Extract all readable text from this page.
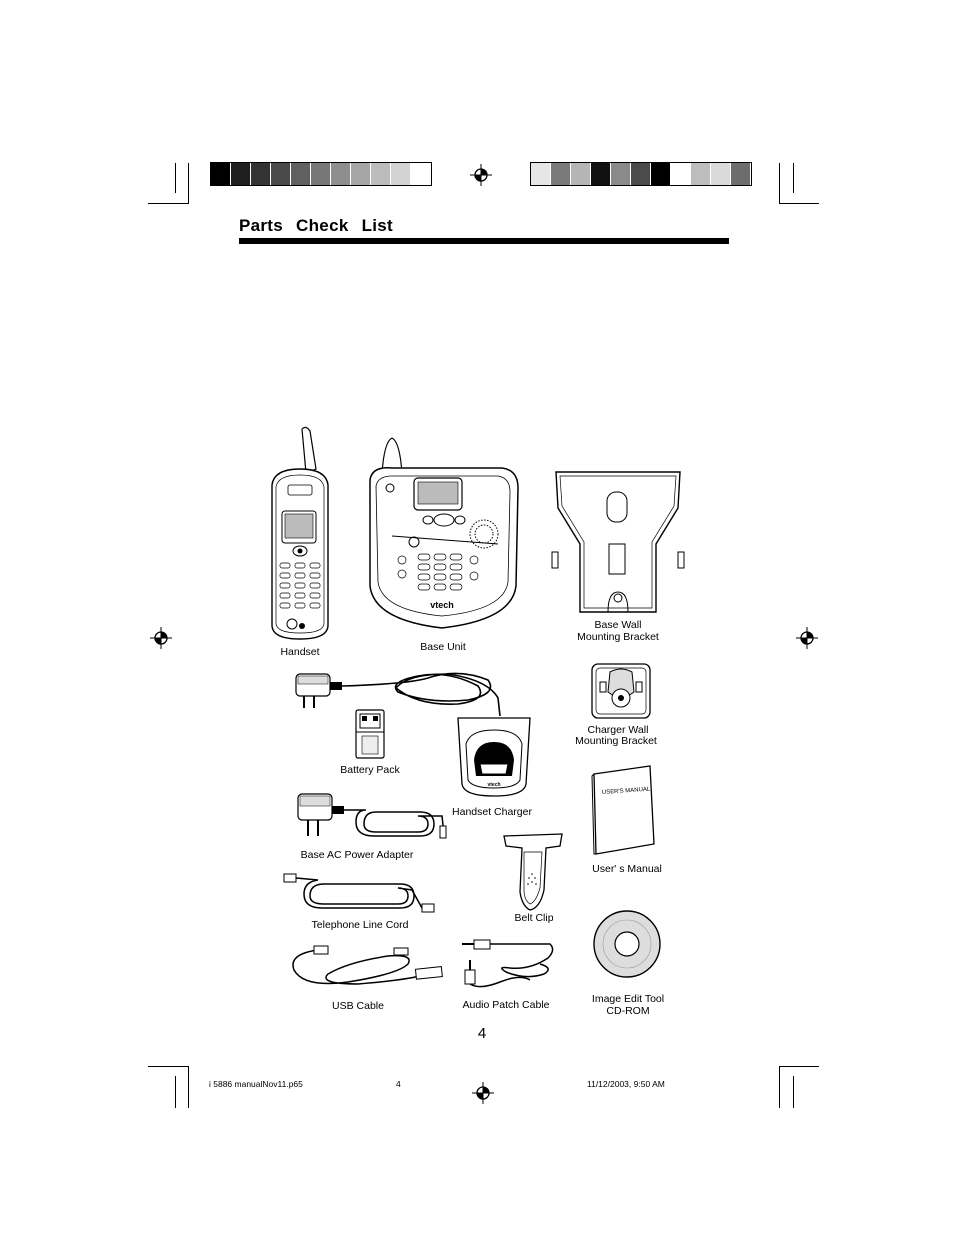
Parts Check List
Handset
vtech
Base Unit
Base Wall
Mounting Bracket
Battery Pack
vtech
Handset Charger
Charger Wall
Mounting Bracket
Base AC Power Adapter
USER'S MANUAL
User' s Manual
Belt Clip
Telephone Line Cord
Image Edit Tool
CD-ROM
USB Cable	Audio Patch Cable
4
i 5886 manualNov11.p65	4	11/12/2003, 9:50 AM
